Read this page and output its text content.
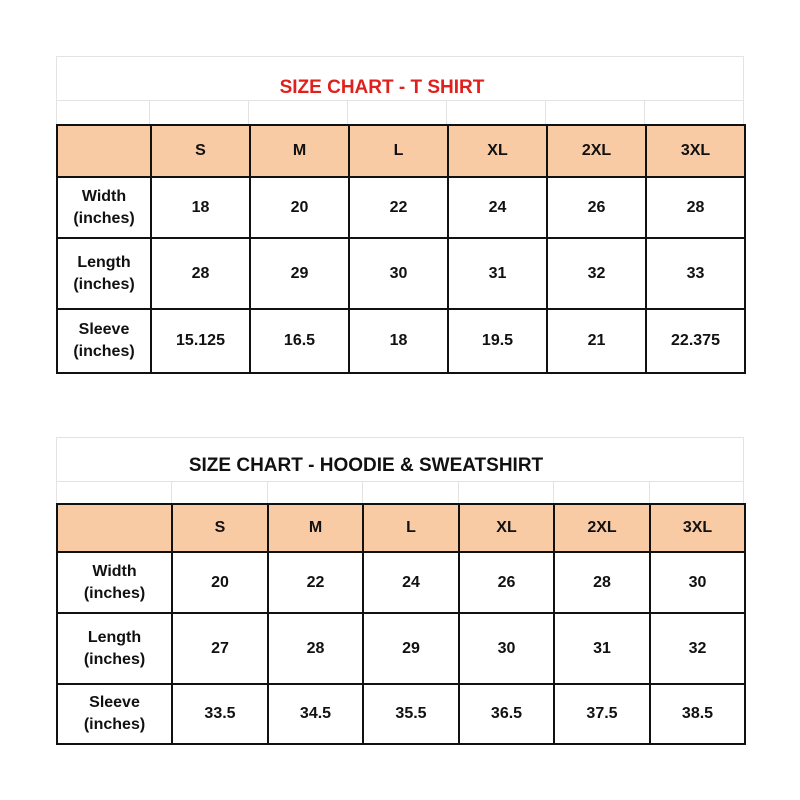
SIZE CHART - T SHIRT
	S	M	L	XL	2XL	3XL

Width
(inches)	18	20	22	24	26	28

Length
(inches)	28	29	30	31	32	33

Sleeve
(inches)	15.125	16.5	18	19.5	21	22.375
SIZE CHART - HOODIE & SWEATSHIRT
	S	M	L	XL	2XL	3XL

Width
(inches)	20	22	24	26	28	30

Length
(inches)	27	28	29	30	31	32

Sleeve
(inches)	33.5	34.5	35.5	36.5	37.5	38.5
